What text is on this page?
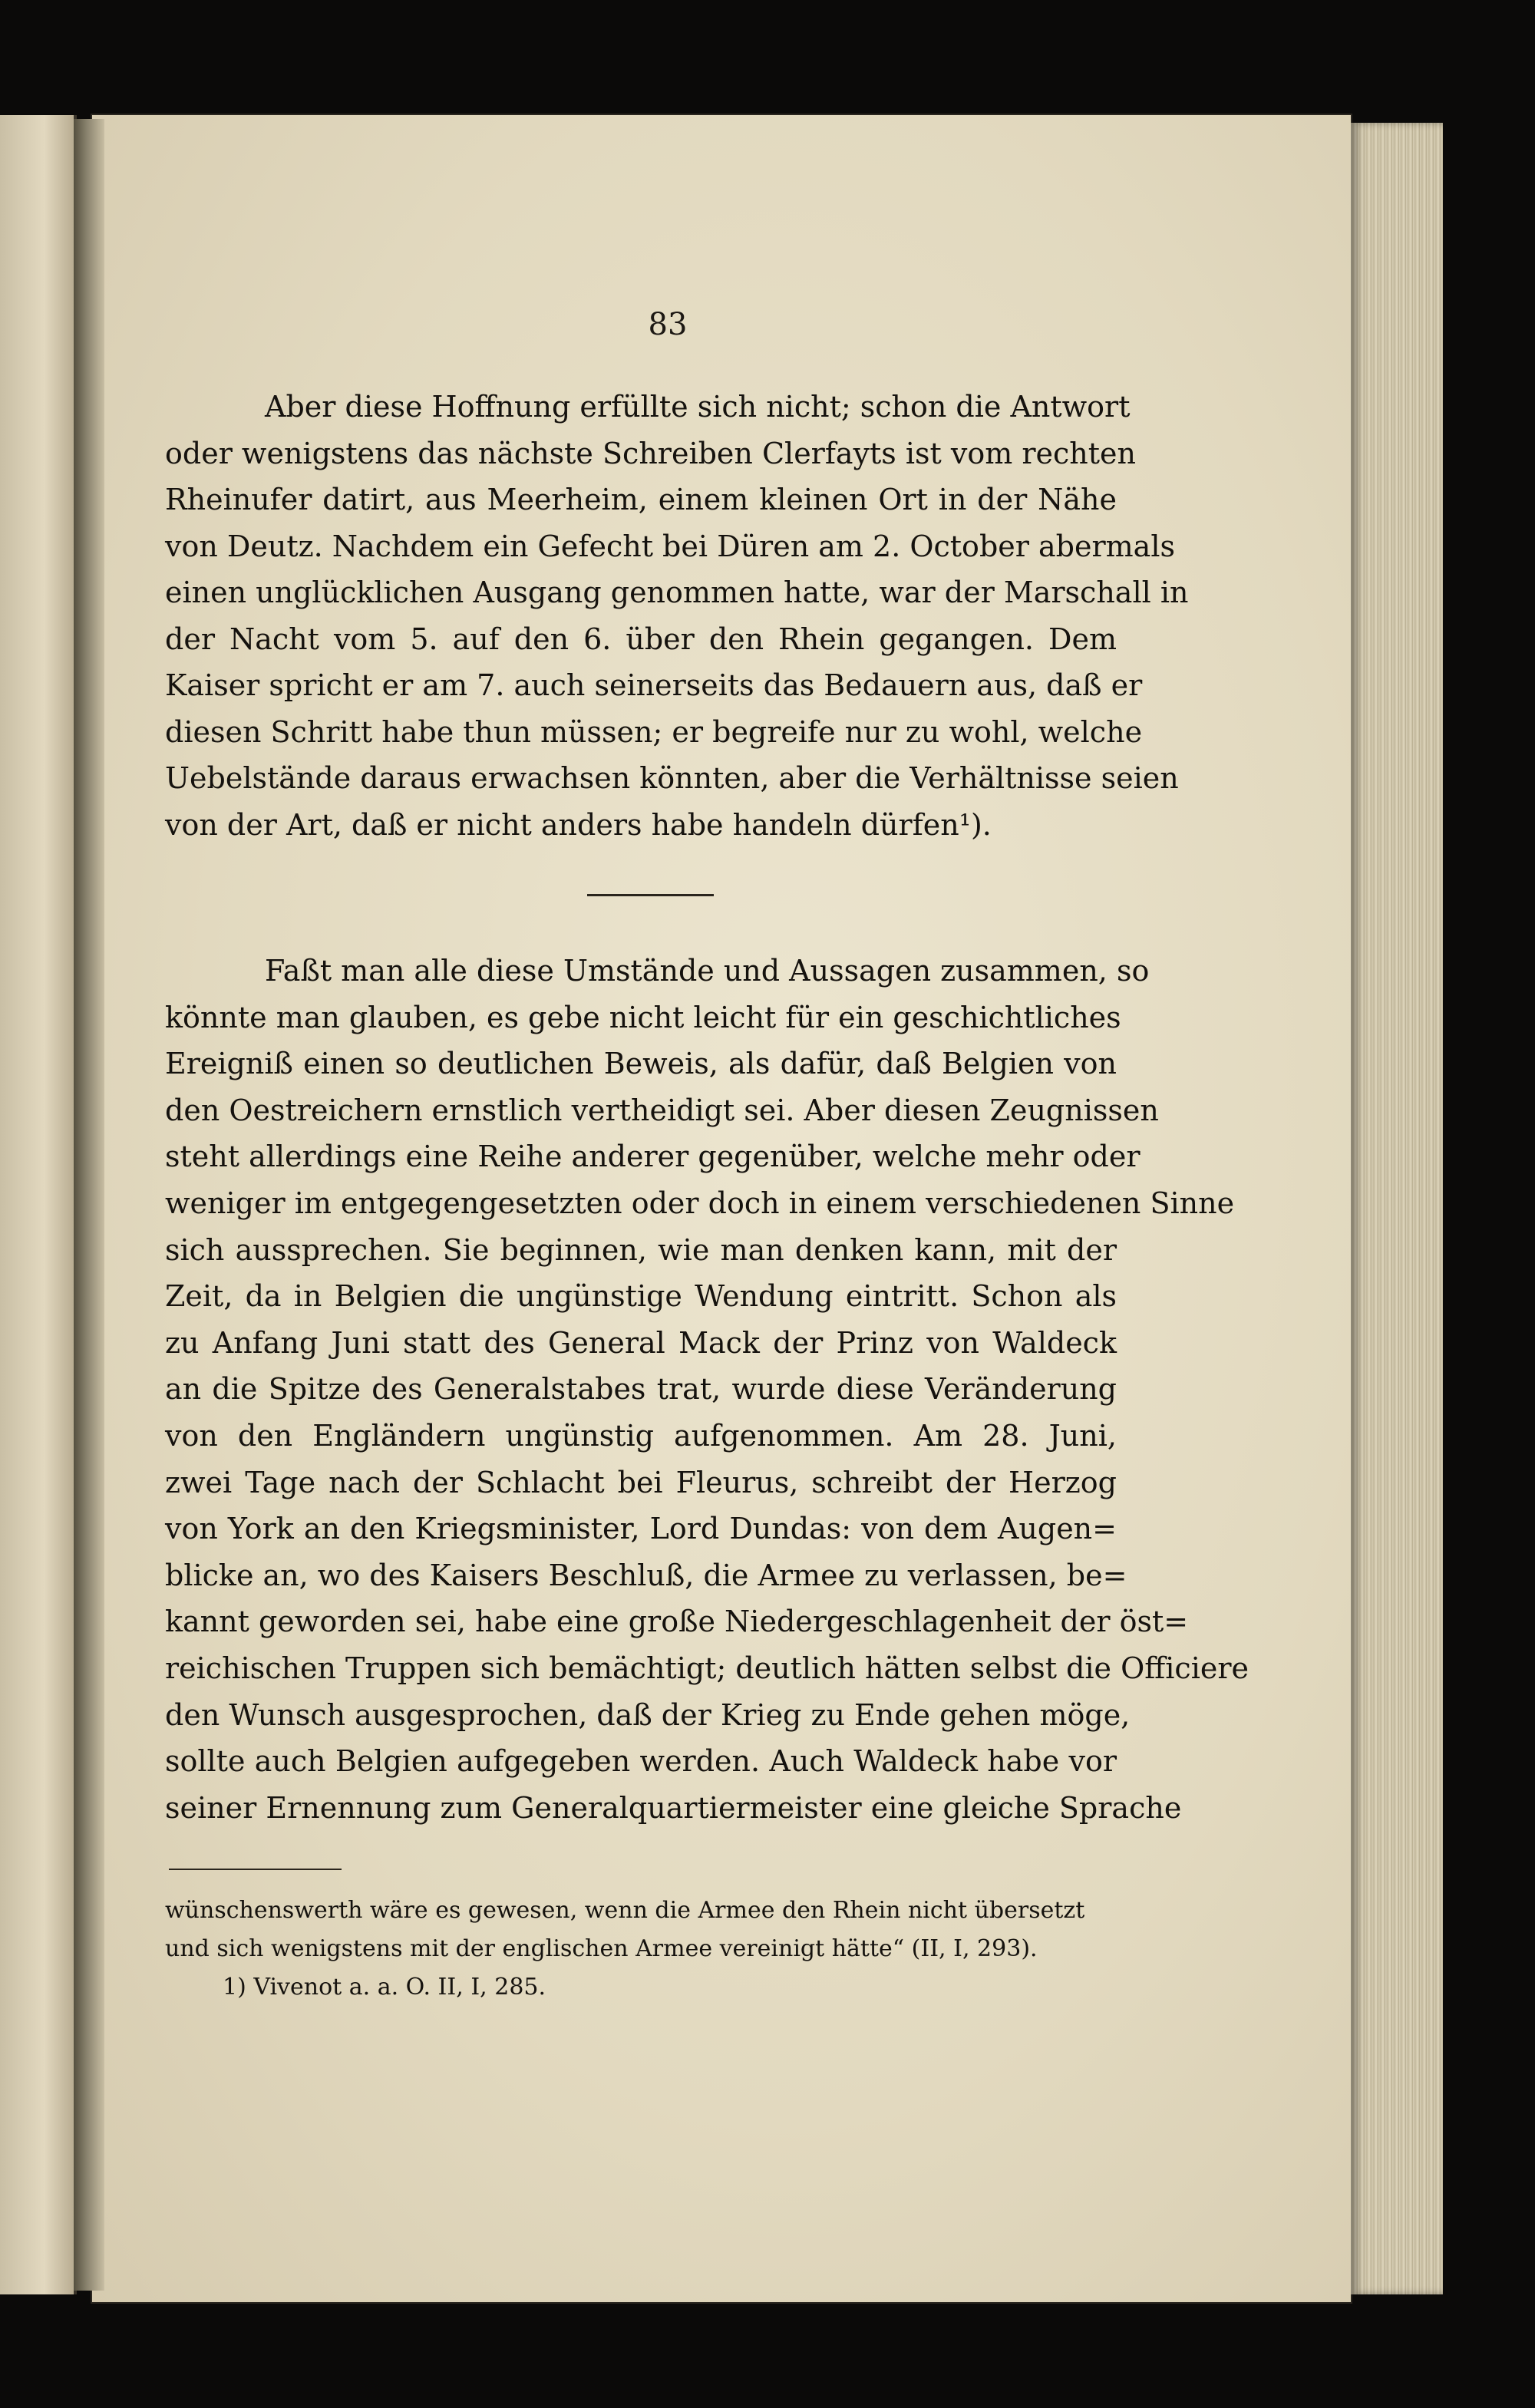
83
Aber diese Hoffnung erfüllte sich nicht; schon die Antwort
oder wenigstens das nächste Schreiben Clerfayts ist vom rechten
Rheinufer datirt, aus Meerheim, einem kleinen Ort in der Nähe
von Deutz. Nachdem ein Gefecht bei Düren am 2. October abermals
einen unglücklichen Ausgang genommen hatte, war der Marschall in
der Nacht vom 5. auf den 6. über den Rhein gegangen. Dem
Kaiser spricht er am 7. auch seinerseits das Bedauern aus, daß er
diesen Schritt habe thun müssen; er begreife nur zu wohl, welche
Uebelstände daraus erwachsen könnten, aber die Verhältnisse seien
von der Art, daß er nicht anders habe handeln dürfen¹).
Faßt man alle diese Umstände und Aussagen zusammen, so
könnte man glauben, es gebe nicht leicht für ein geschichtliches
Ereigniß einen so deutlichen Beweis, als dafür, daß Belgien von
den Oestreichern ernstlich vertheidigt sei. Aber diesen Zeugnissen
steht allerdings eine Reihe anderer gegenüber, welche mehr oder
weniger im entgegengesetzten oder doch in einem verschiedenen Sinne
sich aussprechen. Sie beginnen, wie man denken kann, mit der
Zeit, da in Belgien die ungünstige Wendung eintritt. Schon als
zu Anfang Juni statt des General Mack der Prinz von Waldeck
an die Spitze des Generalstabes trat, wurde diese Veränderung
von den Engländern ungünstig aufgenommen. Am 28. Juni,
zwei Tage nach der Schlacht bei Fleurus, schreibt der Herzog
von York an den Kriegsminister, Lord Dundas: von dem Augen=
blicke an, wo des Kaisers Beschluß, die Armee zu verlassen, be=
kannt geworden sei, habe eine große Niedergeschlagenheit der öst=
reichischen Truppen sich bemächtigt; deutlich hätten selbst die Officiere
den Wunsch ausgesprochen, daß der Krieg zu Ende gehen möge,
sollte auch Belgien aufgegeben werden. Auch Waldeck habe vor
seiner Ernennung zum Generalquartiermeister eine gleiche Sprache
wünschenswerth wäre es gewesen, wenn die Armee den Rhein nicht übersetzt
und sich wenigstens mit der englischen Armee vereinigt hätte“ (II, I, 293).
1) Vivenot a. a. O. II, I, 285.
